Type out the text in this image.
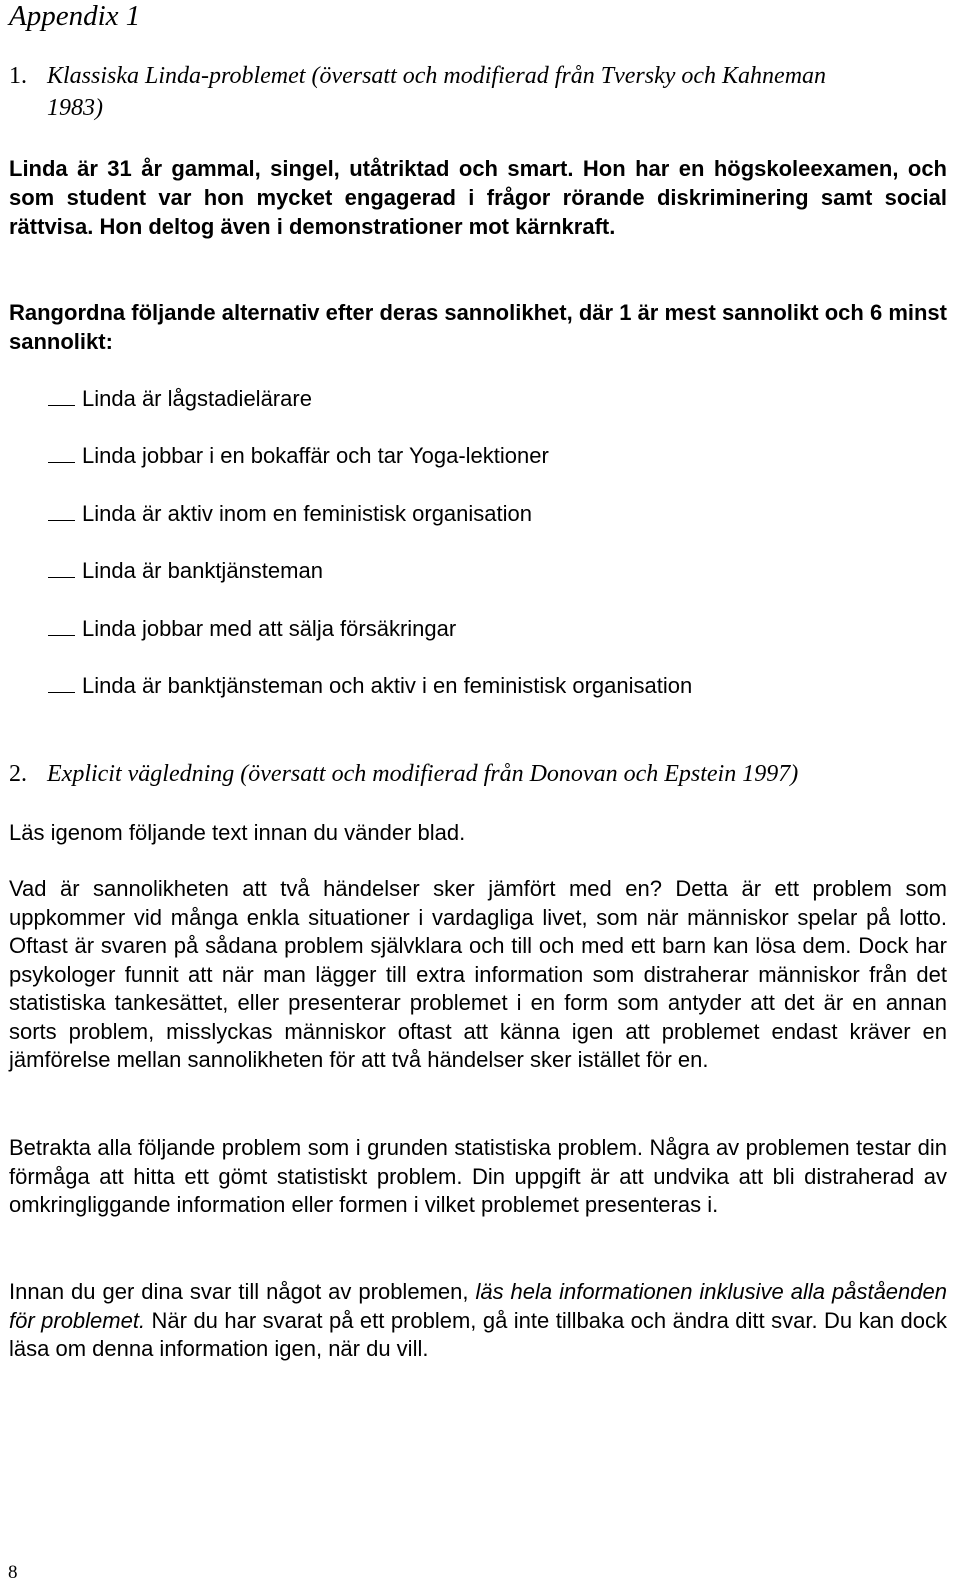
Appendix 1
1. Klassiska Linda-problemet (översatt och modifierad från Tversky och Kahneman
1983)

Linda är 31 år gammal, singel, utåtriktad och smart. Hon har en högskoleexamen, och som student var hon mycket engagerad i frågor rörande diskriminering samt social rättvisa. Hon deltog även i demonstrationer mot kärnkraft.

Rangordna följande alternativ efter deras sannolikhet, där 1 är mest sannolikt och 6 minst sannolikt:

Linda är lågstadielärare
Linda jobbar i en bokaffär och tar Yoga-lektioner
Linda är aktiv inom en feministisk organisation
Linda är banktjänsteman
Linda jobbar med att sälja försäkringar
Linda är banktjänsteman och aktiv i en feministisk organisation
2. Explicit vägledning (översatt och modifierad från Donovan och Epstein 1997)

Läs igenom följande text innan du vänder blad.

Vad är sannolikheten att två händelser sker jämfört med en? Detta är ett problem som uppkommer vid många enkla situationer i vardagliga livet, som när människor spelar på lotto. Oftast är svaren på sådana problem självklara och till och med ett barn kan lösa dem. Dock har psykologer funnit att när man lägger till extra information som distraherar människor från det statistiska tankesättet, eller presenterar problemet i en form som antyder att det är en annan sorts problem, misslyckas människor oftast att känna igen att problemet endast kräver en jämförelse mellan sannolikheten för att två händelser sker istället för en.

Betrakta alla följande problem som i grunden statistiska problem. Några av problemen testar din förmåga att hitta ett gömt statistiskt problem. Din uppgift är att undvika att bli distraherad av omkringliggande information eller formen i vilket problemet presenteras i.

Innan du ger dina svar till något av problemen, läs hela informationen inklusive alla påståenden för problemet. När du har svarat på ett problem, gå inte tillbaka och ändra ditt svar. Du kan dock läsa om denna information igen, när du vill.

8
